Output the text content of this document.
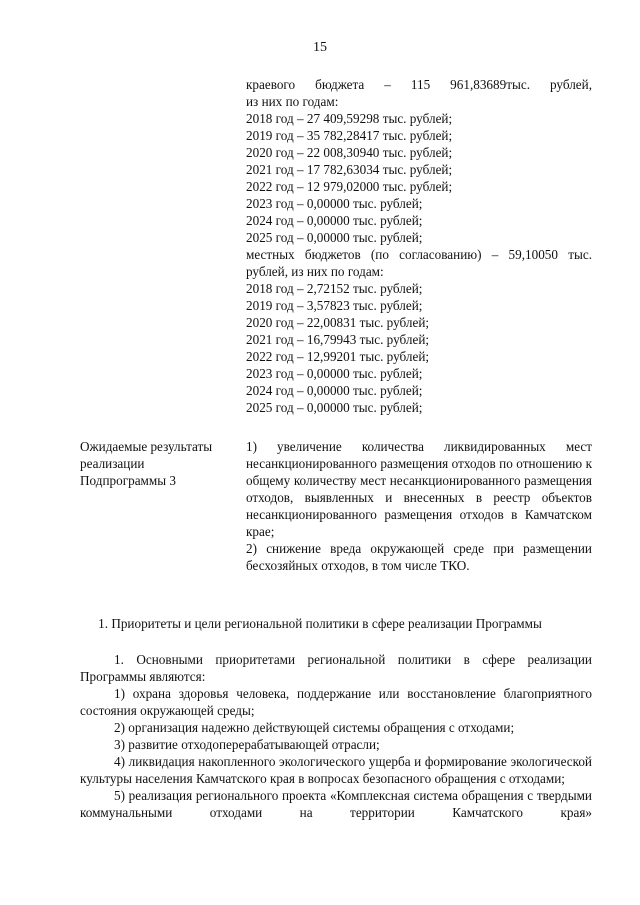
15
краевого бюджета – 115 961,83689тыс. рублей,
из них по годам:
2018 год – 27 409,59298 тыс. рублей;
2019 год – 35 782,28417 тыс. рублей;
2020 год – 22 008,30940 тыс. рублей;
2021 год – 17 782,63034 тыс. рублей;
2022 год – 12 979,02000 тыс. рублей;
2023 год – 0,00000 тыс. рублей;
2024 год – 0,00000 тыс. рублей;
2025 год – 0,00000 тыс. рублей;
местных бюджетов (по согласованию) – 59,10050 тыс.
рублей, из них по годам:
2018 год – 2,72152 тыс. рублей;
2019 год – 3,57823 тыс. рублей;
2020 год – 22,00831 тыс. рублей;
2021 год – 16,79943 тыс. рублей;
2022 год – 12,99201 тыс. рублей;
2023 год – 0,00000 тыс. рублей;
2024 год – 0,00000 тыс. рублей;
2025 год – 0,00000 тыс. рублей;
Ожидаемые результаты
реализации
Подпрограммы 3

1) увеличение количества ликвидированных мест несанкционированного размещения отходов по отношению к общему количеству мест несанкционированного размещения отходов, выявленных и внесенных в реестр объектов несанкционированного размещения отходов в Камчатском крае;

2) снижение вреда окружающей среде при размещении бесхозяйных отходов, в том числе ТКО.

1. Приоритеты и цели региональной политики в сфере реализации Программы

1. Основными приоритетами региональной политики в сфере реализации Программы являются:

1) охрана здоровья человека, поддержание или восстановление благоприятного состояния окружающей среды;

2) организация надежно действующей системы обращения с отходами;

3) развитие отходоперерабатывающей отрасли;

4) ликвидация накопленного экологического ущерба и формирование экологической культуры населения Камчатского края в вопросах безопасного обращения с отходами;

5) реализация регионального проекта «Комплексная система обращения с твердыми коммунальными отходами на территории Камчатского края»
